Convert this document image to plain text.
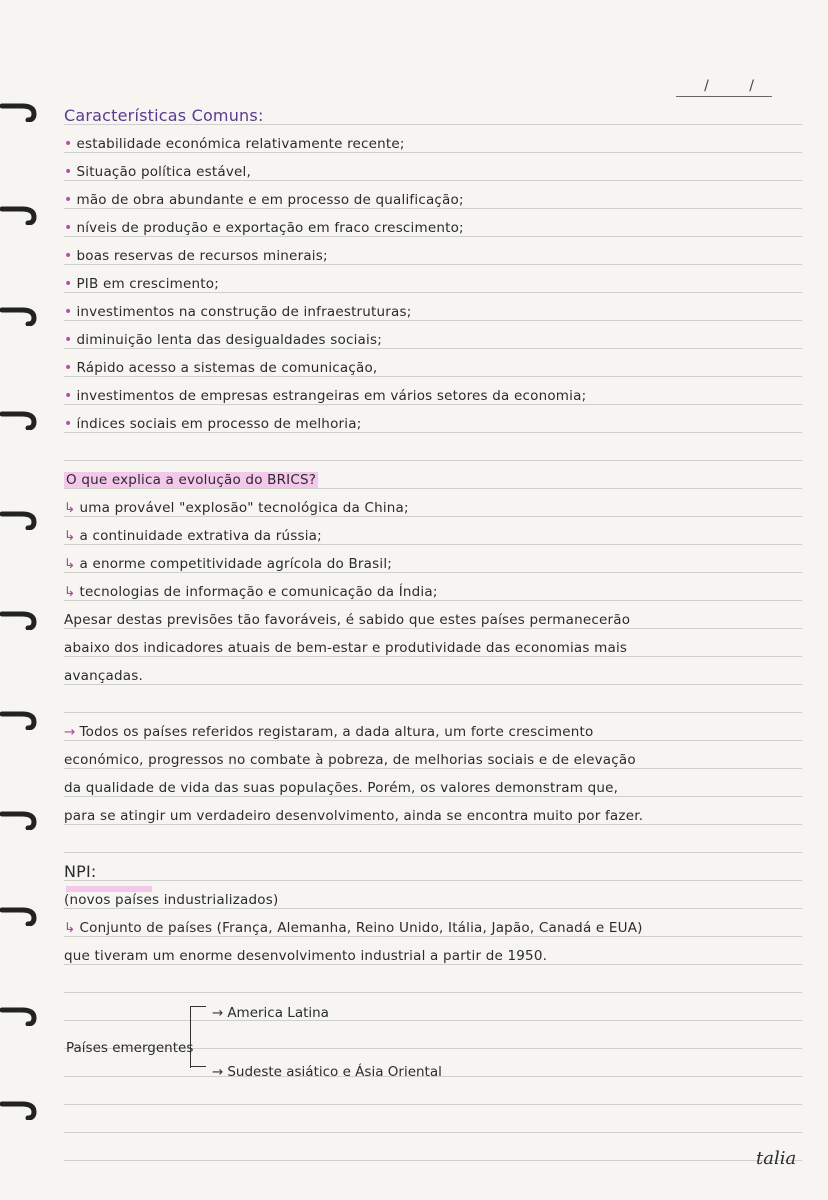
/ /
Características Comuns:
• estabilidade económica relativamente recente;
• Situação política estável,
• mão de obra abundante e em processo de qualificação;
• níveis de produção e exportação em fraco crescimento;
• boas reservas de recursos minerais;
• PIB em crescimento;
• investimentos na construção de infraestruturas;
• diminuição lenta das desigualdades sociais;
• Rápido acesso a sistemas de comunicação,
• investimentos de empresas estrangeiras em vários setores da economia;
• índices sociais em processo de melhoria;
O que explica a evolução do BRICS?
↳ uma provável "explosão" tecnológica da China;
↳ a continuidade extrativa da rússia;
↳ a enorme competitividade agrícola do Brasil;
↳ tecnologias de informação e comunicação da Índia;
Apesar destas previsões tão favoráveis, é sabido que estes países permanecerão
abaixo dos indicadores atuais de bem-estar e produtividade das economias mais
avançadas.
→ Todos os países referidos registaram, a dada altura, um forte crescimento
económico, progressos no combate à pobreza, de melhorias sociais e de elevação
da qualidade de vida das suas populações. Porém, os valores demonstram que,
para se atingir um verdadeiro desenvolvimento, ainda se encontra muito por fazer.
NPI:
(novos países industrializados)
↳ Conjunto de países (França, Alemanha, Reino Unido, Itália, Japão, Canadá e EUA)
que tiveram um enorme desenvolvimento industrial a partir de 1950.
Países emergentes
→ America Latina
→ Sudeste asiático e Ásia Oriental
talia
